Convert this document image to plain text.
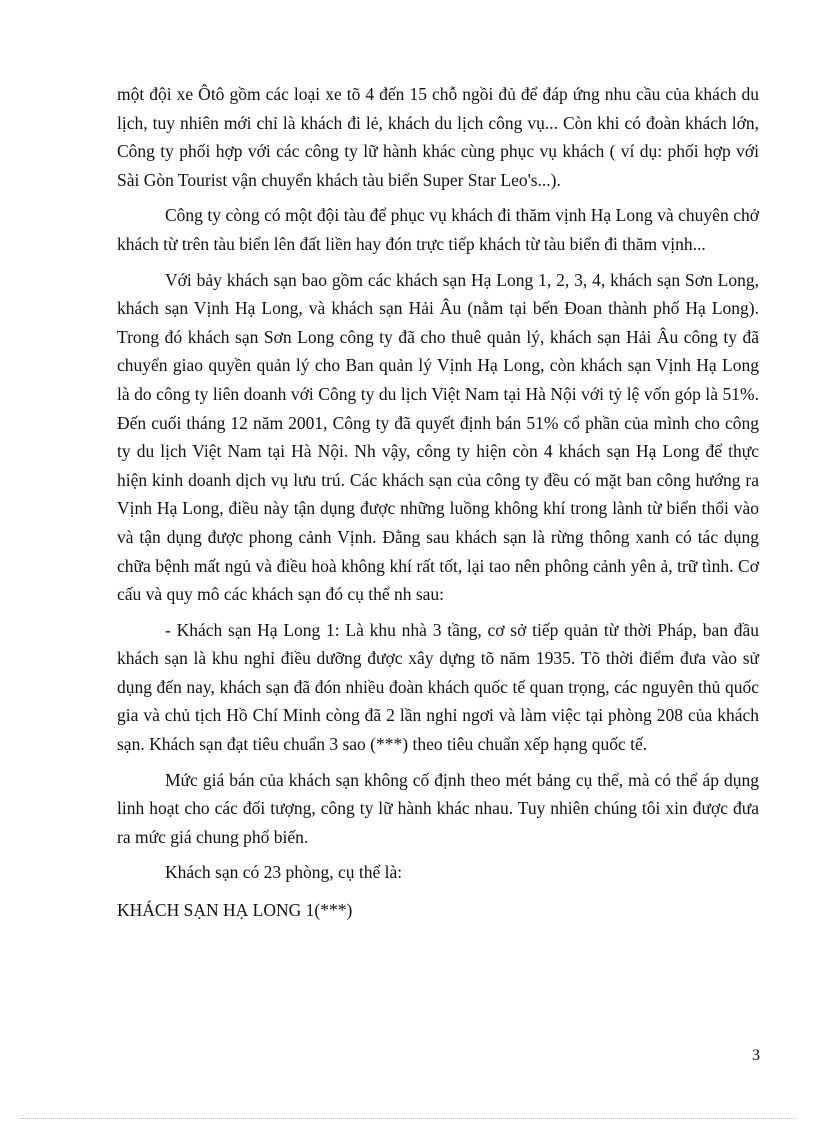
một đội xe Ôtô gồm các loại xe tõ 4 đến 15 chỗ ngồi đủ để đáp ứng nhu cầu của khách du lịch, tuy nhiên mới chỉ là khách đi lẻ, khách du lịch công vụ... Còn khi có đoàn khách lớn, Công ty phối hợp với các công ty lữ hành khác cùng phục vụ khách ( ví dụ: phối hợp với Sài Gòn Tourist vận chuyển khách tàu biển Super Star Leo's...).

Công ty còng có một đội tàu để phục vụ khách đi thăm vịnh Hạ Long và chuyên chở khách từ trên tàu biển lên đất liền hay đón trực tiếp khách từ tàu biển đi thăm vịnh...

Với bảy khách sạn bao gồm các khách sạn Hạ Long 1, 2, 3, 4, khách sạn Sơn Long, khách sạn Vịnh Hạ Long, và khách sạn Hải Âu (nằm tại bến Đoan thành phố Hạ Long). Trong đó khách sạn Sơn Long công ty đã cho thuê quản lý, khách sạn Hải Âu công ty đã chuyển giao quyền quản lý cho Ban quản lý Vịnh Hạ Long, còn khách sạn Vịnh Hạ Long là do công ty liên doanh với Công ty du lịch Việt Nam tại Hà Nội với tỷ lệ vốn góp là 51%. Đến cuối tháng 12 năm 2001, Công ty đã quyết định bán 51% cổ phần của mình cho công ty du lịch Việt Nam tại Hà Nội. Nh vậy, công ty hiện còn 4 khách sạn Hạ Long để thực hiện kinh doanh dịch vụ lưu trú. Các khách sạn của công ty đều có mặt ban công hướng ra Vịnh Hạ Long, điều này tận dụng được những luồng không khí trong lành từ biển thổi vào và tận dụng được phong cảnh Vịnh. Đằng sau khách sạn là rừng thông xanh có tác dụng chữa bệnh mất ngủ và điều hoà không khí rất tốt, lại tao nên phông cảnh yên ả, trữ tình. Cơ cấu và quy mô các khách sạn đó cụ thể nh sau:

- Khách sạn Hạ Long 1: Là khu nhà 3 tầng, cơ sở tiếp quản từ thời Pháp, ban đầu khách sạn là khu nghỉ điều dưỡng được xây dựng tõ năm 1935. Tõ thời điểm đưa vào sử dụng đến nay, khách sạn đã đón nhiều đoàn khách quốc tế quan trọng, các nguyên thủ quốc gia và chủ tịch Hồ Chí Minh còng đã 2 lần nghỉ ngơi và làm việc tại phòng 208 của khách sạn. Khách sạn đạt tiêu chuẩn 3 sao (***) theo tiêu chuẩn xếp hạng quốc tế.

Mức giá bán của khách sạn không cố định theo mét bảng cụ thể, mà có thể áp dụng linh hoạt cho các đối tượng, công ty lữ hành khác nhau. Tuy nhiên chúng tôi xin được đưa ra mức giá chung phổ biến.

Khách sạn có 23 phòng, cụ thể là:

KHÁCH SẠN HẠ LONG 1(***)

3
